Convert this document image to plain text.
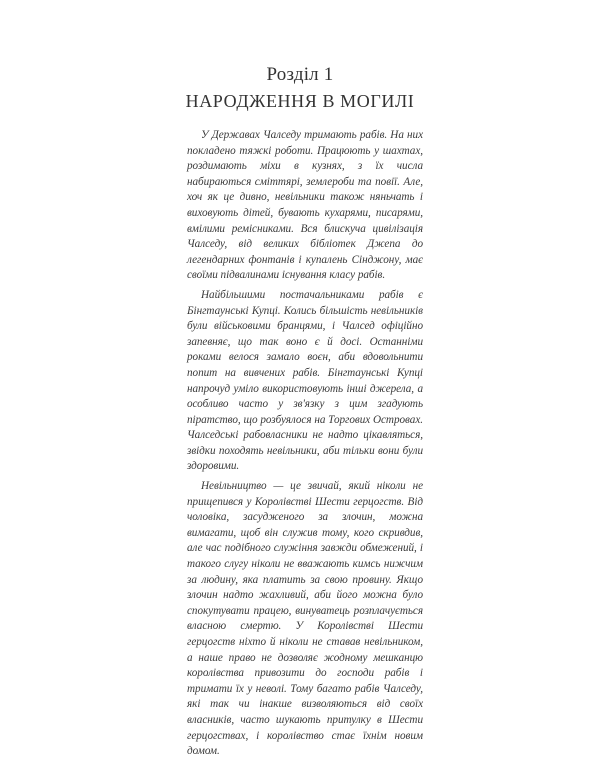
Розділ 1
НАРОДЖЕННЯ В МОГИЛІ

У Державах Чалседу тримають рабів. На них покладено тяжкі роботи. Працюють у шахтах, роздимають міхи в кузнях, з їх числа набираються сміттярі, землероби та повії. Але, хоч як це дивно, невільники також няньчать і виховують дітей, бувають кухарями, писарями, вмілими ремісниками. Вся блискуча цивілізація Чалседу, від великих бібліотек Джепа до легендарних фонтанів і купалень Сінджону, має своїми підвалинами існування класу рабів.

Найбільшими постачальниками рабів є Бінгтаунські Купці. Колись більшість невільників були військовими бранцями, і Чалсед офіційно запевняє, що так воно є й досі. Останніми роками велося замало воєн, аби вдовольнити попит на вивчених рабів. Бінгтаунські Купці напрочуд уміло використовують інші джерела, а особливо часто у зв'язку з цим згадують піратство, що розбуялося на Торгових Островах. Чалседські рабовласники не надто цікавляться, звідки походять невільники, аби тільки вони були здоровими.

Невільництво — це звичай, який ніколи не прищепився у Королівстві Шести герцогств. Від чоловіка, засудженого за злочин, можна вимагати, щоб він служив тому, кого скривдив, але час подібного служіння завжди обмежений, і такого слугу ніколи не вважають кимсь нижчим за людину, яка платить за свою провину. Якщо злочин надто жахливий, аби його можна було спокутувати працею, винуватець розплачується власною смертю. У Королівстві Шести герцогств ніхто й ніколи не ставав невільником, а наше право не дозволяє жодному мешканцю королівства привозити до господи рабів і тримати їх у неволі. Тому багато рабів Чалседу, які так чи інакше визволяються від своїх власників, часто шукають притулку в Шести герцогствах, і королівство стає їхнім новим домом.
